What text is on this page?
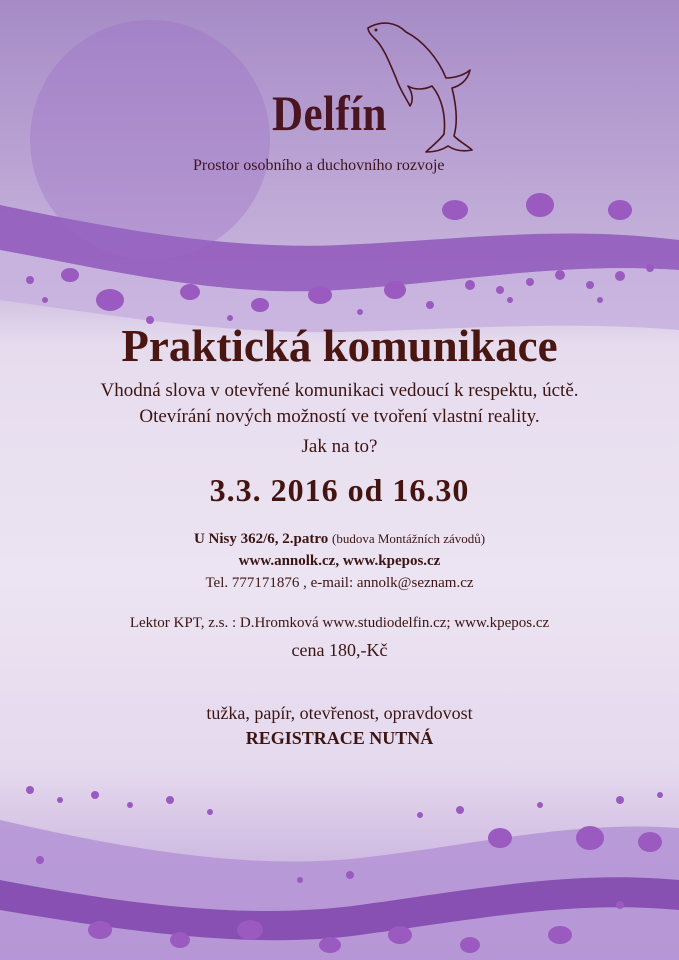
Delfín
Prostor osobního a duchovního rozvoje
Praktická komunikace
Vhodná slova v otevřené komunikaci vedoucí k respektu, úctě.
Otevírání nových možností ve tvoření vlastní reality.
Jak na to?
3.3. 2016 od 16.30
U Nisy 362/6, 2.patro (budova Montážních závodů)
www.annolk.cz, www.kpepos.cz
Tel. 777171876 , e-mail: annolk@seznam.cz
Lektor KPT, z.s. : D.Hromková www.studiodelfin.cz; www.kpepos.cz
cena 180,-Kč
tužka, papír, otevřenost, opravdovost
REGISTRACE NUTNÁ
